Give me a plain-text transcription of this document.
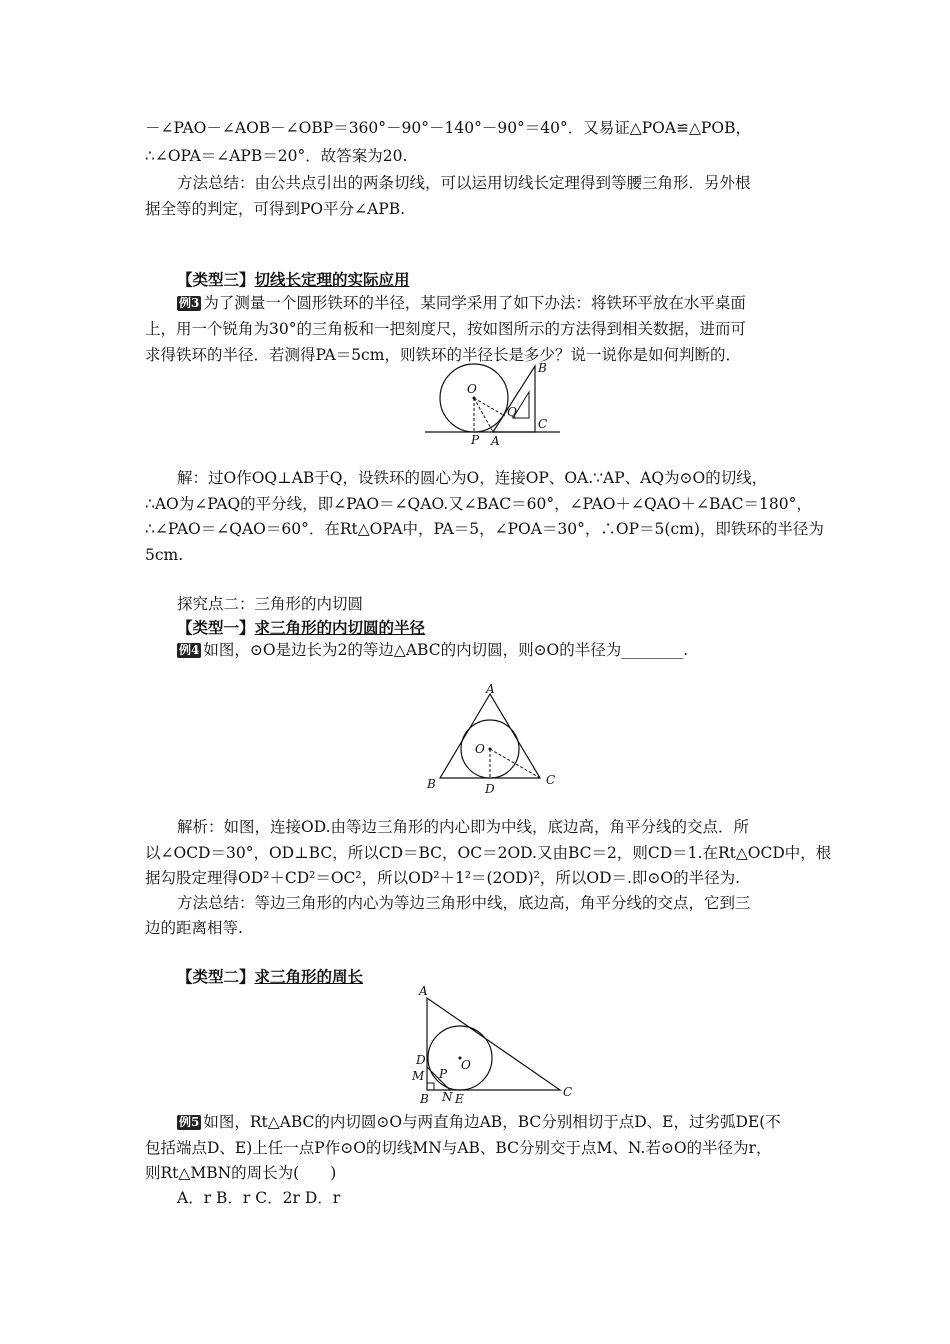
－∠PAO－∠AOB－∠OBP＝360°－90°－140°－90°＝40°．又易证△POA≌△POB，
∴∠OPA＝∠APB＝20°．故答案为20.
方法总结：由公共点引出的两条切线，可以运用切线长定理得到等腰三角形．另外根
据全等的判定，可得到PO平分∠APB.
【类型三】切线长定理的实际应用
例3 为了测量一个圆形铁环的半径，某同学采用了如下办法：将铁环平放在水平桌面
上，用一个锐角为30°的三角板和一把刻度尺，按如图所示的方法得到相关数据，进而可
求得铁环的半径．若测得PA＝5cm，则铁环的半径长是多少？说一说你是如何判断的．
O
B
Q
C
P A
解：过O作OQ⊥AB于Q，设铁环的圆心为O，连接OP、OA.∵AP、AQ为⊙O的切线，
∴AO为∠PAQ的平分线，即∠PAO＝∠QAO.又∠BAC＝60°，∠PAO＋∠QAO＋∠BAC＝180°，
∴∠PAO＝∠QAO＝60°．在Rt△OPA中，PA＝5，∠POA＝30°，∴OP＝5(cm)，即铁环的半径为
5cm.
探究点二：三角形的内切圆
【类型一】求三角形的内切圆的半径
例4 如图，⊙O是边长为2的等边△ABC的内切圆，则⊙O的半径为________.
A
O
B	D
C
解析：如图，连接OD.由等边三角形的内心即为中线，底边高，角平分线的交点．所
以∠OCD＝30°，OD⊥BC，所以CD＝BC，OC＝2OD.又由BC＝2，则CD＝1.在Rt△OCD中，根
据勾股定理得OD²＋CD²＝OC²，所以OD²＋1²＝(2OD)²，所以OD＝.即⊙O的半径为.
方法总结：等边三角形的内心为等边三角形中线，底边高，角平分线的交点，它到三
边的距离相等.
【类型二】求三角形的周长
A
D	O
M P
B N E	C
例5 如图，Rt△ABC的内切圆⊙O与两直角边AB，BC分别相切于点D、E，过劣弧DE(不
包括端点D、E)上任一点P作⊙O的切线MN与AB、BC分别交于点M、N.若⊙O的半径为r，
则Rt△MBN的周长为(　　)
A．r B．r C．2r D．r
